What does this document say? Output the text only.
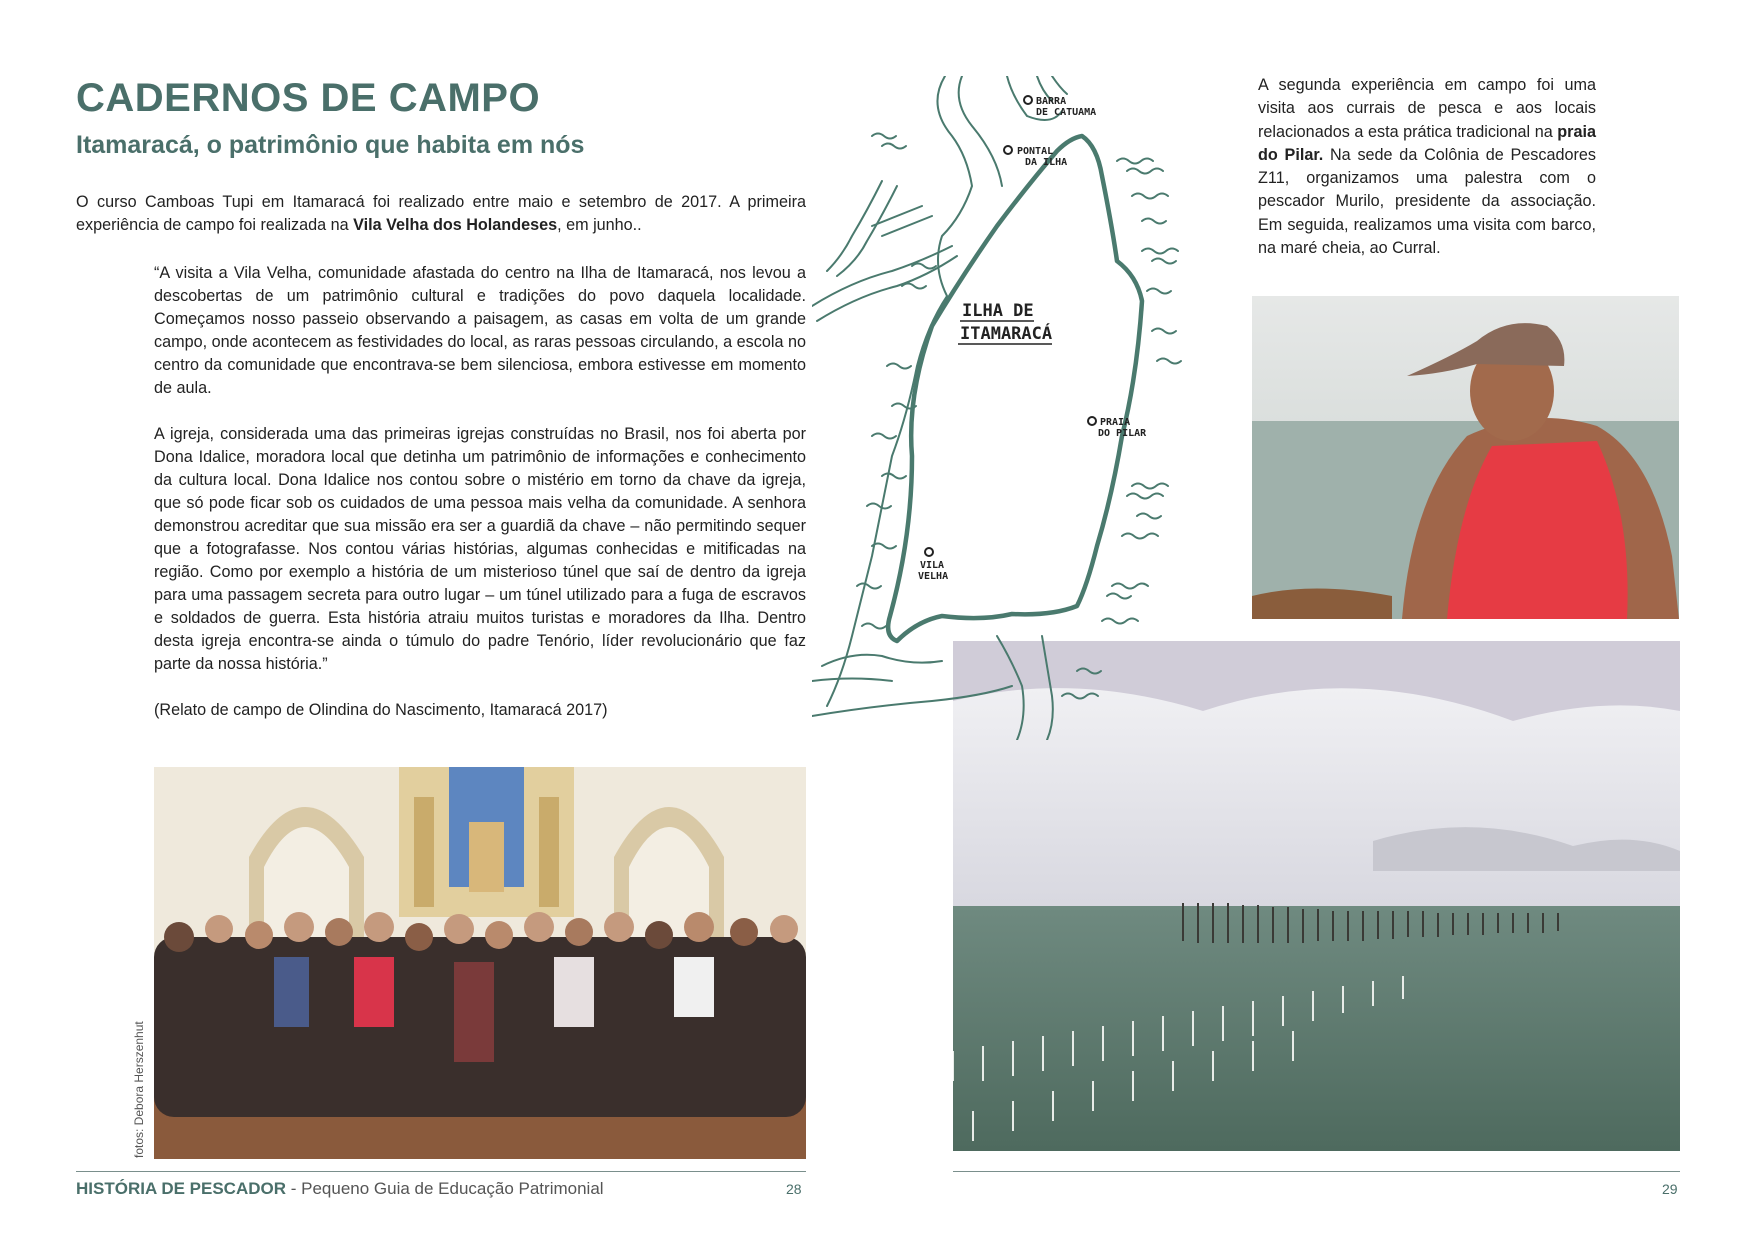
CADERNOS DE CAMPO
Itamaracá, o patrimônio que habita em nós
O curso Camboas Tupi em Itamaracá foi realizado entre maio e setembro de 2017. A primeira experiência de campo foi realizada na Vila Velha dos Holandeses, em junho..

“A visita a Vila Velha, comunidade afastada do centro na Ilha de Itamaracá, nos levou a descobertas de um patrimônio cultural e tradições do povo daquela localidade. Começamos nosso passeio observando a paisagem, as casas em volta de um grande campo, onde acontecem as festividades do local, as raras pessoas circulando, a escola no centro da comunidade que encontrava-se bem silenciosa, embora estivesse em momento de aula.

A igreja, considerada uma das primeiras igrejas construídas no Brasil, nos foi aberta por Dona Idalice, moradora local que detinha um patrimônio de informações e conhecimento da cultura local. Dona Idalice nos contou sobre o mistério em torno da chave da igreja, que só pode ficar sob os cuidados de uma pessoa mais velha da comunidade. A senhora demonstrou acreditar que sua missão era ser a guardiã da chave – não permitindo sequer que a fotografasse. Nos contou várias histórias, algumas conhecidas e mitificadas na região. Como por exemplo a história de um misterioso túnel que saí de dentro da igreja para uma passagem secreta para outro lugar – um túnel utilizado para a fuga de escravos e soldados de guerra. Esta história atraiu muitos turistas e moradores da Ilha. Dentro desta igreja encontra-se ainda o túmulo do padre Tenório, líder revolucionário que faz parte da nossa história.”

(Relato de campo de Olindina do Nascimento, Itamaracá 2017)

fotos: Debora Herszenhut
A segunda experiência em campo foi uma visita aos currais de pesca e aos locais relacionados a esta prática tradicional na praia do Pilar. Na sede da Colônia de Pescadores Z11, organizamos uma palestra com o pescador Murilo, presidente da associação. Em seguida, realizamos uma visita com barco, na maré cheia, ao Curral.
BARRA
DE CATUAMA
PONTAL
DA ILHA
PRAIA
DO PILAR
VILA
VELHA
ILHA DE
ITAMARACÁ
HISTÓRIA DE PESCADOR - Pequeno Guia de Educação Patrimonial	28	29
